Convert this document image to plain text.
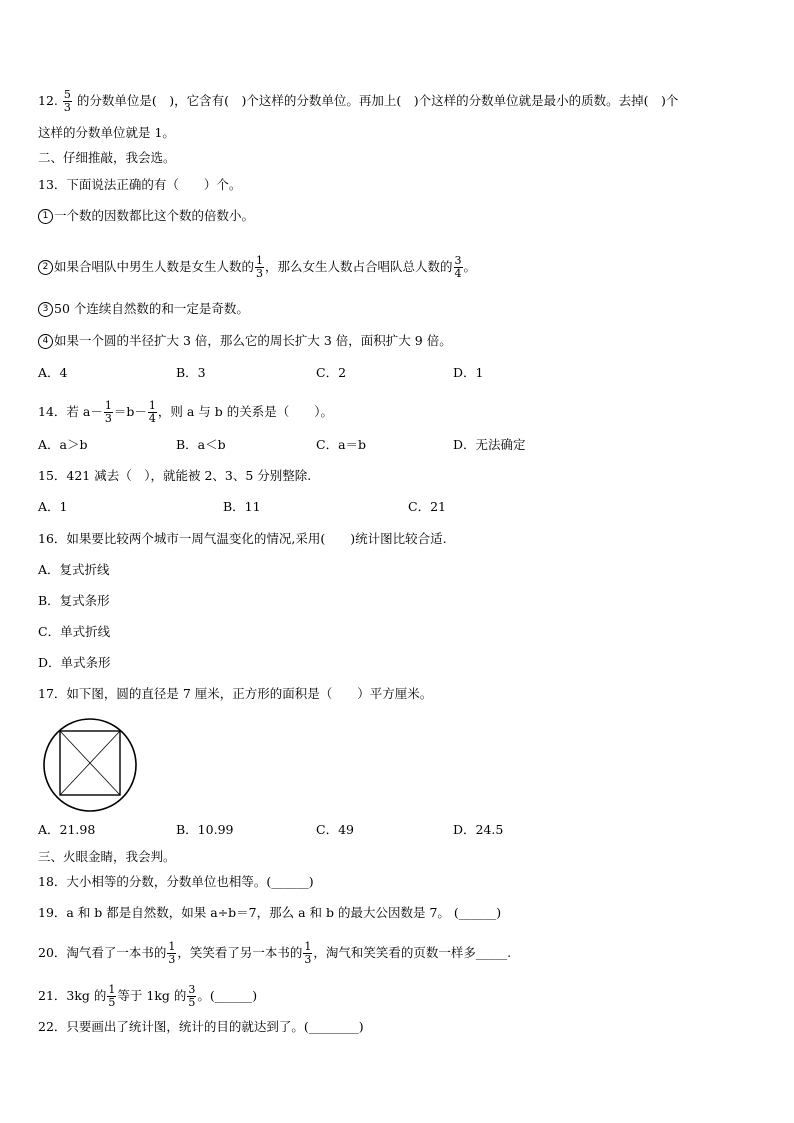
12. $\frac{5}{3}$ 的分数单位是(　)，它含有(　)个这样的分数单位。再加上(　)个这样的分数单位就是最小的质数。去掉(　)个
这样的分数单位就是 1。
二、仔细推敲，我会选。
13．下面说法正确的有（　　）个。
1 一个数的因数都比这个数的倍数小。
2 如果合唱队中男生人数是女生人数的 $\frac{1}{3}$ ，那么女生人数占合唱队总人数的 $\frac{3}{4}$ 。
3 50 个连续自然数的和一定是奇数。
4 如果一个圆的半径扩大 3 倍，那么它的周长扩大 3 倍，面积扩大 9 倍。
A．4	B．3	C．2	D．1
14．若 $a- \frac{1}{3} =b- \frac{1}{4}$ ，则 a 与 b 的关系是（　　）。
A．a＞b	B．a＜b	C．a＝b	D．无法确定
15．421 减去（　），就能被 2、3、5 分别整除.
A．1	B．11	C．21
16．如果要比较两个城市一周气温变化的情况,采用(　　)统计图比较合适.
A．复式折线
B．复式条形
C．单式折线
D．单式条形
17．如下图，圆的直径是 7 厘米，正方形的面积是（　　）平方厘米。
A．21.98	B．10.99	C．49	D．24.5
三、火眼金睛，我会判。
18．大小相等的分数，分数单位也相等。(______)
19．a 和 b 都是自然数，如果 a÷b＝7，那么 a 和 b 的最大公因数是 7。 (______)
20．淘气看了一本书的 $\frac{1}{3}$ ，笑笑看了另一本书的 $\frac{1}{3}$ ，淘气和笑笑看的页数一样多_____.
21．3kg 的 $\frac{1}{5}$ 等于 1kg 的 $\frac{3}{5}$ 。(______)
22．只要画出了统计图，统计的目的就达到了。(________)
